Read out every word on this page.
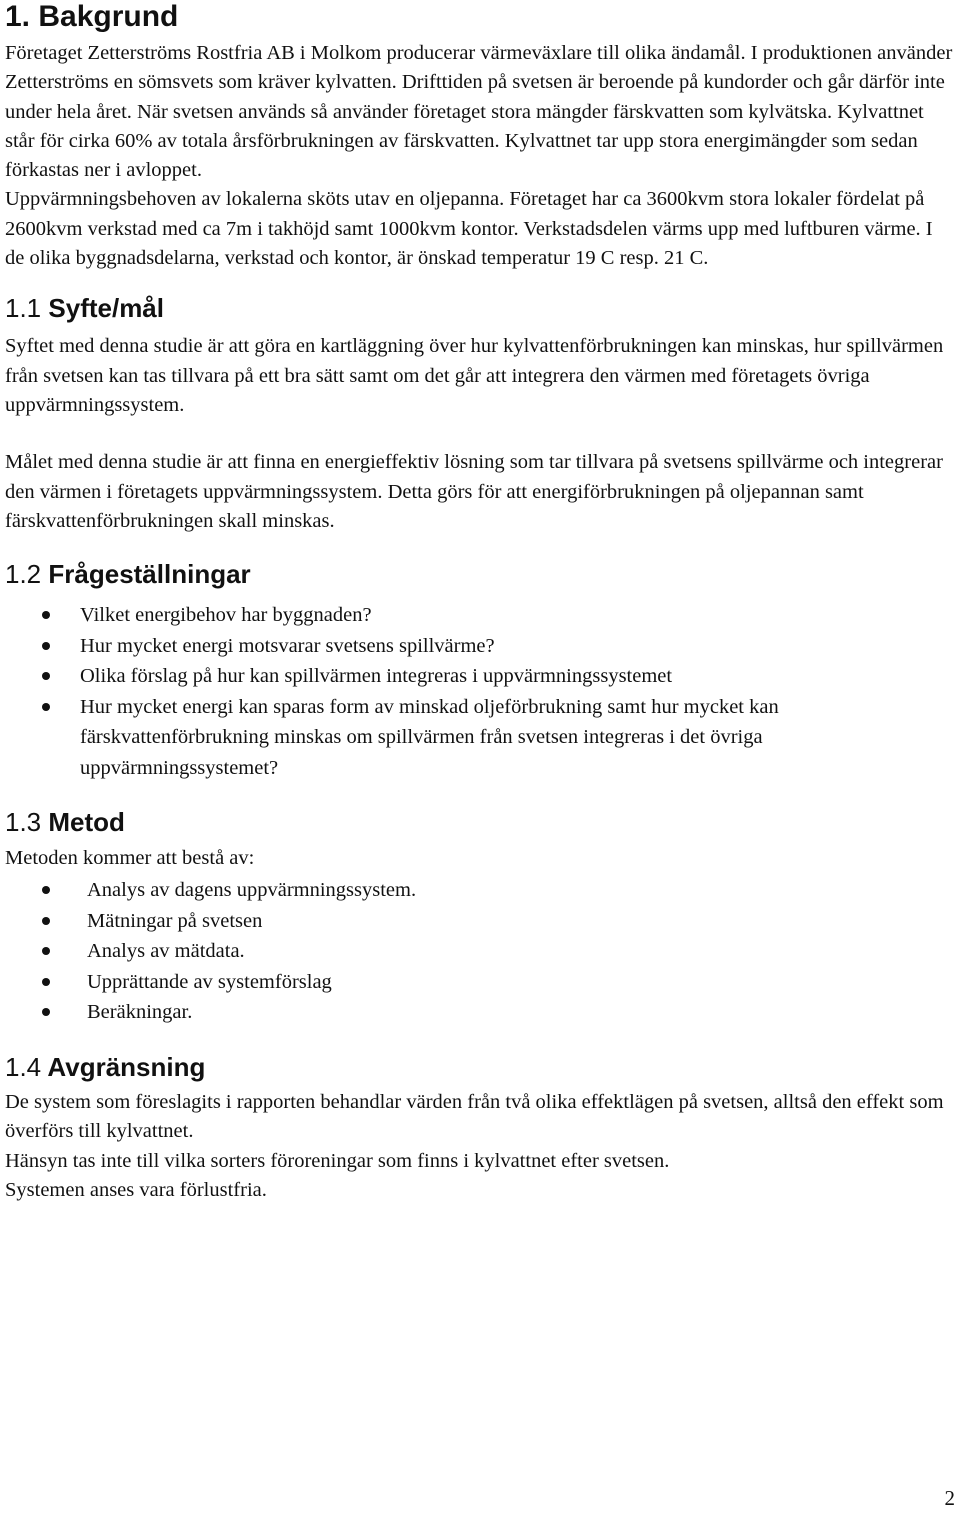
1. Bakgrund

Företaget Zetterströms Rostfria AB i Molkom producerar värmeväxlare till olika ändamål. I produktionen använder Zetterströms en sömsvets som kräver kylvatten. Drifttiden på svetsen är beroende på kundorder och går därför inte under hela året. När svetsen används så använder företaget stora mängder färskvatten som kylvätska. Kylvattnet står för cirka 60% av totala årsförbrukningen av färskvatten. Kylvattnet tar upp stora energimängder som sedan förkastas ner i avloppet.

Uppvärmningsbehoven av lokalerna sköts utav en oljepanna. Företaget har ca 3600kvm stora lokaler fördelat på 2600kvm verkstad med ca 7m i takhöjd samt 1000kvm kontor. Verkstadsdelen värms upp med luftburen värme. I de olika byggnadsdelarna, verkstad och kontor, är önskad temperatur 19 C resp. 21 C.

1.1 Syfte/mål

Syftet med denna studie är att göra en kartläggning över hur kylvattenförbrukningen kan minskas, hur spillvärmen från svetsen kan tas tillvara på ett bra sätt samt om det går att integrera den värmen med företagets övriga uppvärmningssystem.

Målet med denna studie är att finna en energieffektiv lösning som tar tillvara på svetsens spillvärme och integrerar den värmen i företagets uppvärmningssystem. Detta görs för att energiförbrukningen på oljepannan samt färskvattenförbrukningen skall minskas.

1.2 Frågeställningar
Vilket energibehov har byggnaden?
Hur mycket energi motsvarar svetsens spillvärme?
Olika förslag på hur kan spillvärmen integreras i uppvärmningssystemet
Hur mycket energi kan sparas form av minskad oljeförbrukning samt hur mycket kan färskvattenförbrukning minskas om spillvärmen från svetsen integreras i det övriga uppvärmningssystemet?
1.3 Metod

Metoden kommer att bestå av:

Analys av dagens uppvärmningssystem.
Mätningar på svetsen
Analys av mätdata.
Upprättande av systemförslag
Beräkningar.
1.4 Avgränsning

De system som föreslagits i rapporten behandlar värden från två olika effektlägen på svetsen, alltså den effekt som överförs till kylvattnet.

Hänsyn tas inte till vilka sorters föroreningar som finns i kylvattnet efter svetsen.

Systemen anses vara förlustfria.

2
